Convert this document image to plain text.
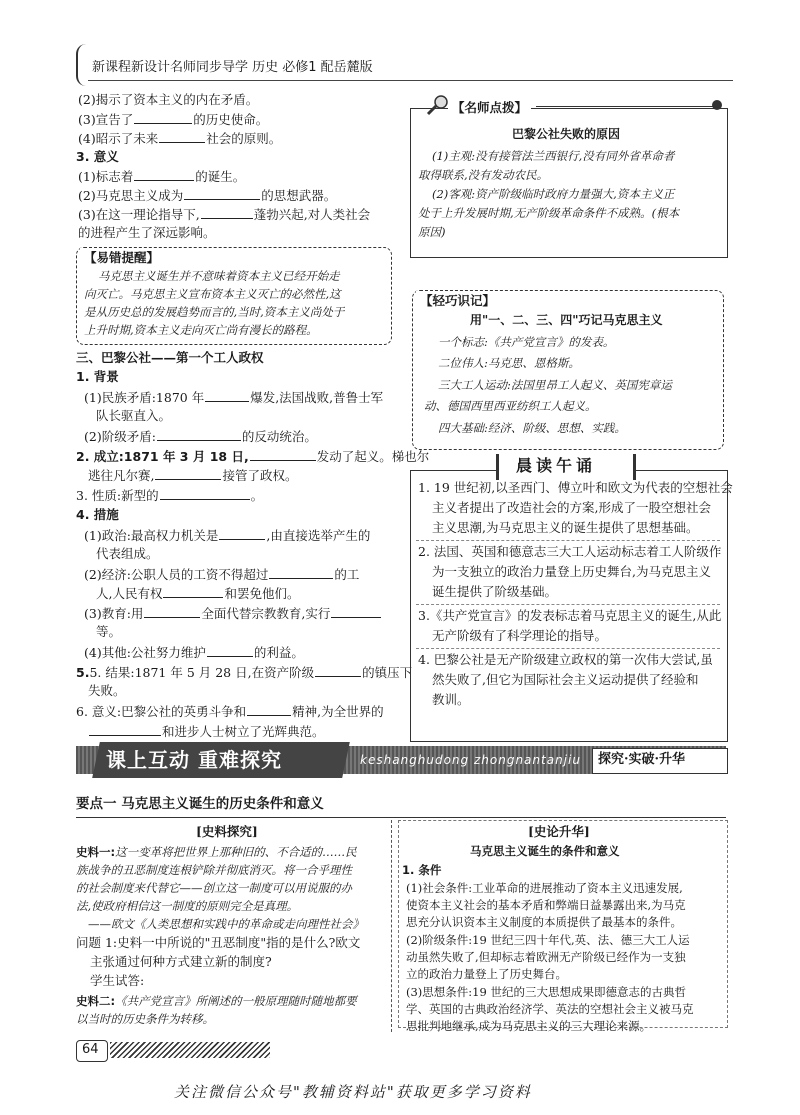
新课程新设计名师同步导学 历史 必修1 配岳麓版
(2)揭示了资本主义的内在矛盾。
(3)宣告了	的历史使命。
(4)昭示了未来	社会的原则。
3. 意义
(1)标志着	的诞生。
(2)马克思主义成为	的思想武器。
(3)在这一理论指导下,	蓬勃兴起,对人类社会
的进程产生了深远影响。
【易错提醒】
马克思主义诞生并不意味着资本主义已经开始走
向灭亡。马克思主义宣布资本主义灭亡的必然性,这
是从历史总的发展趋势而言的,当时,资本主义尚处于
上升时期,资本主义走向灭亡尚有漫长的路程。
三、巴黎公社——第一个工人政权
1. 背景
(1)民族矛盾:1870 年	爆发,法国战败,普鲁士军
队长驱直入。
(2)阶级矛盾:	的反动统治。
2. 成立:1871 年 3 月 18 日,	发动了起义。梯也尔
逃往凡尔赛,	接管了政权。
3. 性质:新型的	。
4. 措施
(1)政治:最高权力机关是	,由直接选举产生的
代表组成。
(2)经济:公职人员的工资不得超过	的工
人,人民有权	和罢免他们。
(3)教育:用	全面代替宗教教育,实行
等。
(4)其他:公社努力维护	的利益。
5.5. 结果:1871 年 5 月 28 日,在资产阶级	的镇压下
失败。
6. 意义:巴黎公社的英勇斗争和	精神,为全世界的
和进步人士树立了光辉典范。
【名师点拨】
巴黎公社失败的原因
(1)主观:没有接管法兰西银行,没有同外省革命者
取得联系,没有发动农民。
(2)客观:资产阶级临时政府力量强大,资本主义正
处于上升发展时期,无产阶级革命条件不成熟。(根本
原因)
【轻巧识记】
用"一、二、三、四"巧记马克思主义
一个标志:《共产党宣言》的发表。
二位伟人:马克思、恩格斯。
三大工人运动:法国里昂工人起义、英国宪章运
动、德国西里西亚纺织工人起义。
四大基础:经济、阶级、思想、实践。
晨读午诵
1. 19 世纪初,以圣西门、傅立叶和欧文为代表的空想社会
主义者提出了改造社会的方案,形成了一股空想社会
主义思潮,为马克思主义的诞生提供了思想基础。
2. 法国、英国和德意志三大工人运动标志着工人阶级作
为一支独立的政治力量登上历史舞台,为马克思主义
诞生提供了阶级基础。
3.《共产党宣言》的发表标志着马克思主义的诞生,从此
无产阶级有了科学理论的指导。
4. 巴黎公社是无产阶级建立政权的第一次伟大尝试,虽
然失败了,但它为国际社会主义运动提供了经验和
教训。
课上互动 重难探究	keshanghudong zhongnantanjiu 探究·实破·升华
要点一 马克思主义诞生的历史条件和意义
[史料探究]
史料一:这一变革将把世界上那种旧的、不合适的……民
族战争的丑恶制度连根铲除并彻底消灭。将一合乎理性
的社会制度来代替它——创立这一制度可以用说服的办
法,使政府相信这一制度的原则完全是真理。
——欧文《人类思想和实践中的革命或走向理性社会》
问题 1:史料一中所说的"丑恶制度"指的是什么?欧文
主张通过何种方式建立新的制度?
学生试答:
史料二:《共产党宣言》所阐述的一般原理随时随地都要
以当时的历史条件为转移。
[史论升华]
马克思主义诞生的条件和意义
1. 条件
(1)社会条件:工业革命的进展推动了资本主义迅速发展,
使资本主义社会的基本矛盾和弊端日益暴露出来,为马克
思充分认识资本主义制度的本质提供了最基本的条件。
(2)阶级条件:19 世纪三四十年代,英、法、德三大工人运
动虽然失败了,但却标志着欧洲无产阶级已经作为一支独
立的政治力量登上了历史舞台。
(3)思想条件:19 世纪的三大思想成果即德意志的古典哲
学、英国的古典政治经济学、英法的空想社会主义被马克
思批判地继承,成为马克思主义的三大理论来源。
64
关注微信公众号"教辅资料站"获取更多学习资料
